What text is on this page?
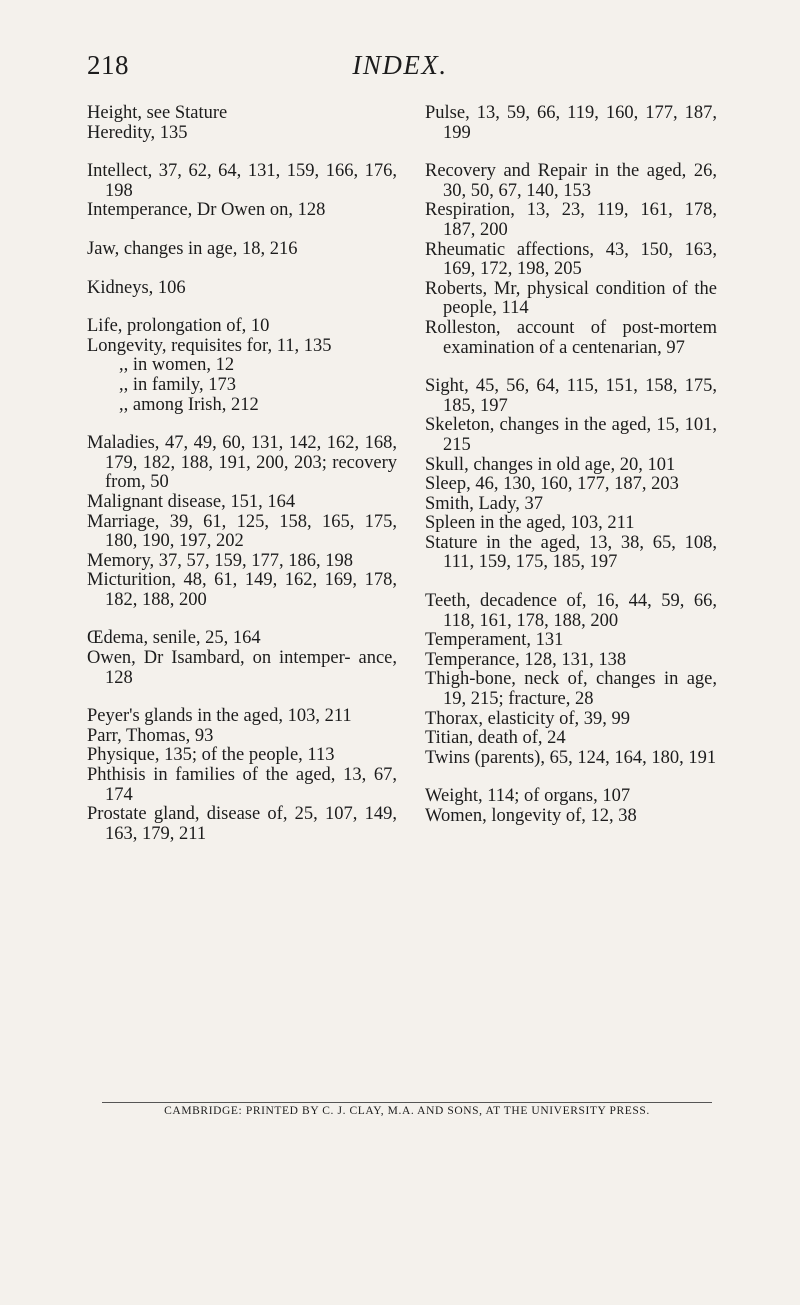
218	INDEX.

Height, see Stature

Heredity, 135

Intellect, 37, 62, 64, 131, 159, 166, 176, 198

Intemperance, Dr Owen on, 128

Jaw, changes in age, 18, 216

Kidneys, 106

Life, prolongation of, 10

Longevity, requisites for, 11, 135

,, in women, 12

,, in family, 173

,, among Irish, 212

Maladies, 47, 49, 60, 131, 142, 162, 168, 179, 182, 188, 191, 200, 203; recovery from, 50

Malignant disease, 151, 164

Marriage, 39, 61, 125, 158, 165, 175, 180, 190, 197, 202

Memory, 37, 57, 159, 177, 186, 198

Micturition, 48, 61, 149, 162, 169, 178, 182, 188, 200

Œdema, senile, 25, 164

Owen, Dr Isambard, on intemper- ance, 128

Peyer's glands in the aged, 103, 211

Parr, Thomas, 93

Physique, 135; of the people, 113

Phthisis in families of the aged, 13, 67, 174

Prostate gland, disease of, 25, 107, 149, 163, 179, 211

Pulse, 13, 59, 66, 119, 160, 177, 187, 199

Recovery and Repair in the aged, 26, 30, 50, 67, 140, 153

Respiration, 13, 23, 119, 161, 178, 187, 200

Rheumatic affections, 43, 150, 163, 169, 172, 198, 205

Roberts, Mr, physical condition of the people, 114

Rolleston, account of post-mortem examination of a centenarian, 97

Sight, 45, 56, 64, 115, 151, 158, 175, 185, 197

Skeleton, changes in the aged, 15, 101, 215

Skull, changes in old age, 20, 101

Sleep, 46, 130, 160, 177, 187, 203

Smith, Lady, 37

Spleen in the aged, 103, 211

Stature in the aged, 13, 38, 65, 108, 111, 159, 175, 185, 197

Teeth, decadence of, 16, 44, 59, 66, 118, 161, 178, 188, 200

Temperament, 131

Temperance, 128, 131, 138

Thigh-bone, neck of, changes in age, 19, 215; fracture, 28

Thorax, elasticity of, 39, 99

Titian, death of, 24

Twins (parents), 65, 124, 164, 180, 191

Weight, 114; of organs, 107

Women, longevity of, 12, 38

CAMBRIDGE: PRINTED BY C. J. CLAY, M.A. AND SONS, AT THE UNIVERSITY PRESS.
